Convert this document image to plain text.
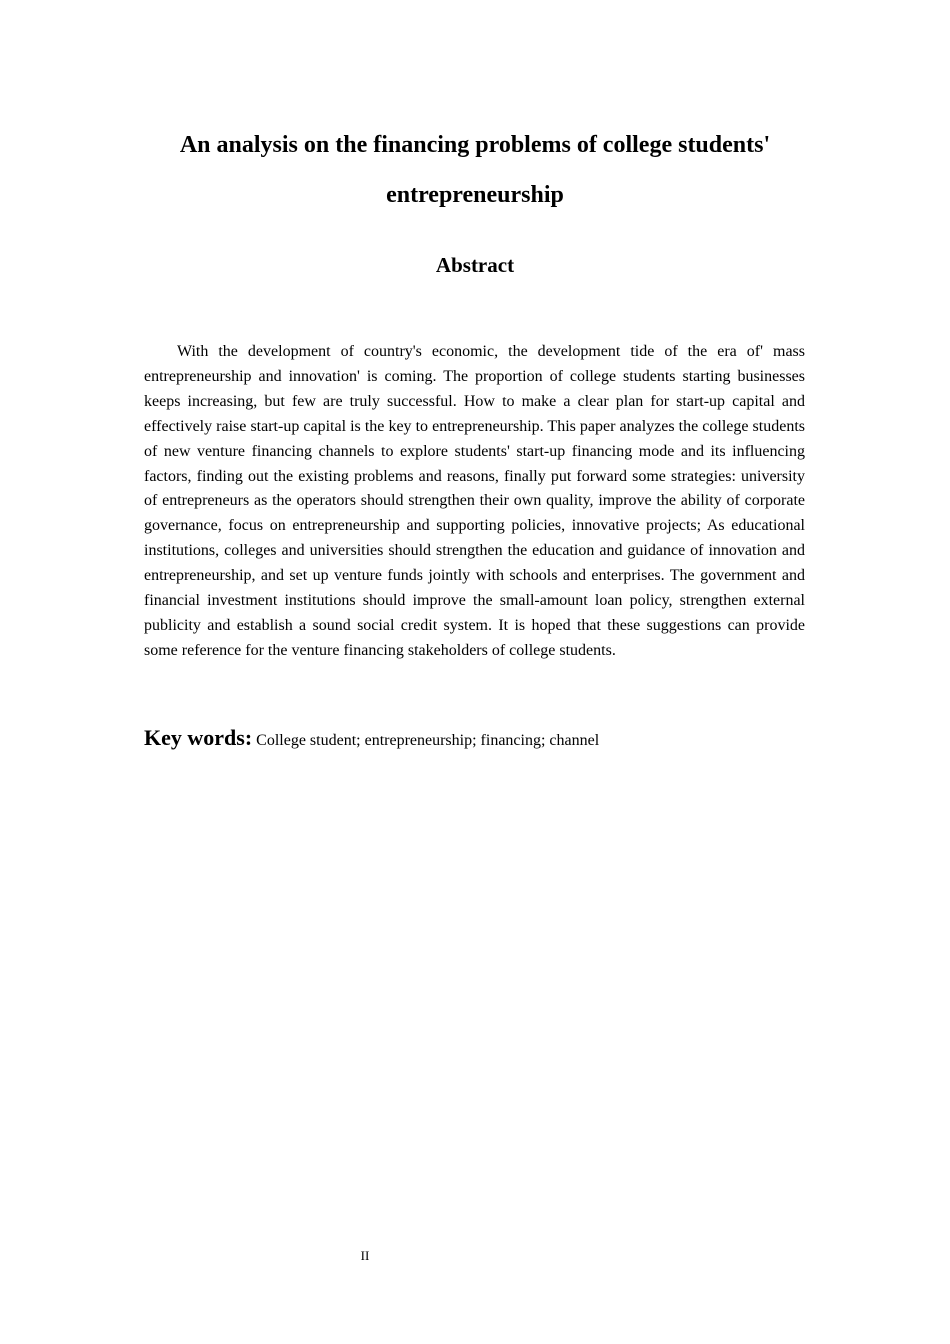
An analysis on the financing problems of college students' entrepreneurship
Abstract

With the development of country's economic, the development tide of the era of' mass entrepreneurship and innovation' is coming. The proportion of college students starting businesses keeps increasing, but few are truly successful. How to make a clear plan for start-up capital and effectively raise start-up capital is the key to entrepreneurship. This paper analyzes the college students of new venture financing channels to explore students' start-up financing mode and its influencing factors, finding out the existing problems and reasons, finally put forward some strategies: university of entrepreneurs as the operators should strengthen their own quality, improve the ability of corporate governance, focus on entrepreneurship and supporting policies, innovative projects; As educational institutions, colleges and universities should strengthen the education and guidance of innovation and entrepreneurship, and set up venture funds jointly with schools and enterprises. The government and financial investment institutions should improve the small-amount loan policy, strengthen external publicity and establish a sound social credit system. It is hoped that these suggestions can provide some reference for the venture financing stakeholders of college students.

Key words: College student; entrepreneurship; financing; channel

II
